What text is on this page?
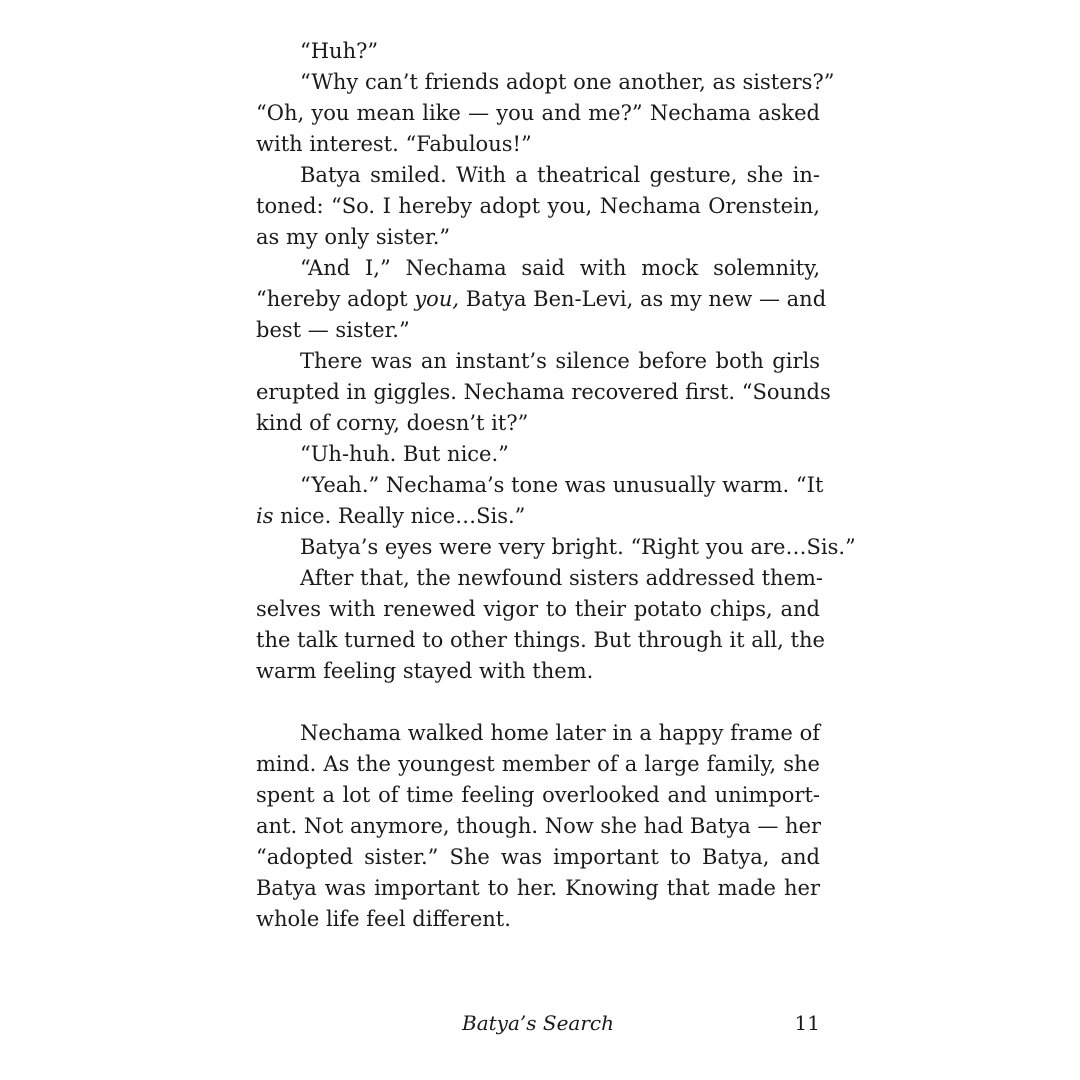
“Huh?”
“Why can’t friends adopt one another, as sisters?”
“Oh, you mean like — you and me?” Nechama asked
with interest. “Fabulous!”
Batya smiled. With a theatrical gesture, she in-
toned: “So. I hereby adopt you, Nechama Orenstein,
as my only sister.”
“And I,” Nechama said with mock solemnity,
“hereby adopt you, Batya Ben-Levi, as my new — and
best — sister.”
There was an instant’s silence before both girls
erupted in giggles. Nechama recovered first. “Sounds
kind of corny, doesn’t it?”
“Uh-huh. But nice.”
“Yeah.” Nechama’s tone was unusually warm. “It
is nice. Really nice…Sis.”
Batya’s eyes were very bright. “Right you are…Sis.”
After that, the newfound sisters addressed them-
selves with renewed vigor to their potato chips, and
the talk turned to other things. But through it all, the
warm feeling stayed with them.
Nechama walked home later in a happy frame of
mind. As the youngest member of a large family, she
spent a lot of time feeling overlooked and unimport-
ant. Not anymore, though. Now she had Batya — her
“adopted sister.” She was important to Batya, and
Batya was important to her. Knowing that made her
whole life feel different.
Batya’s Search	11
